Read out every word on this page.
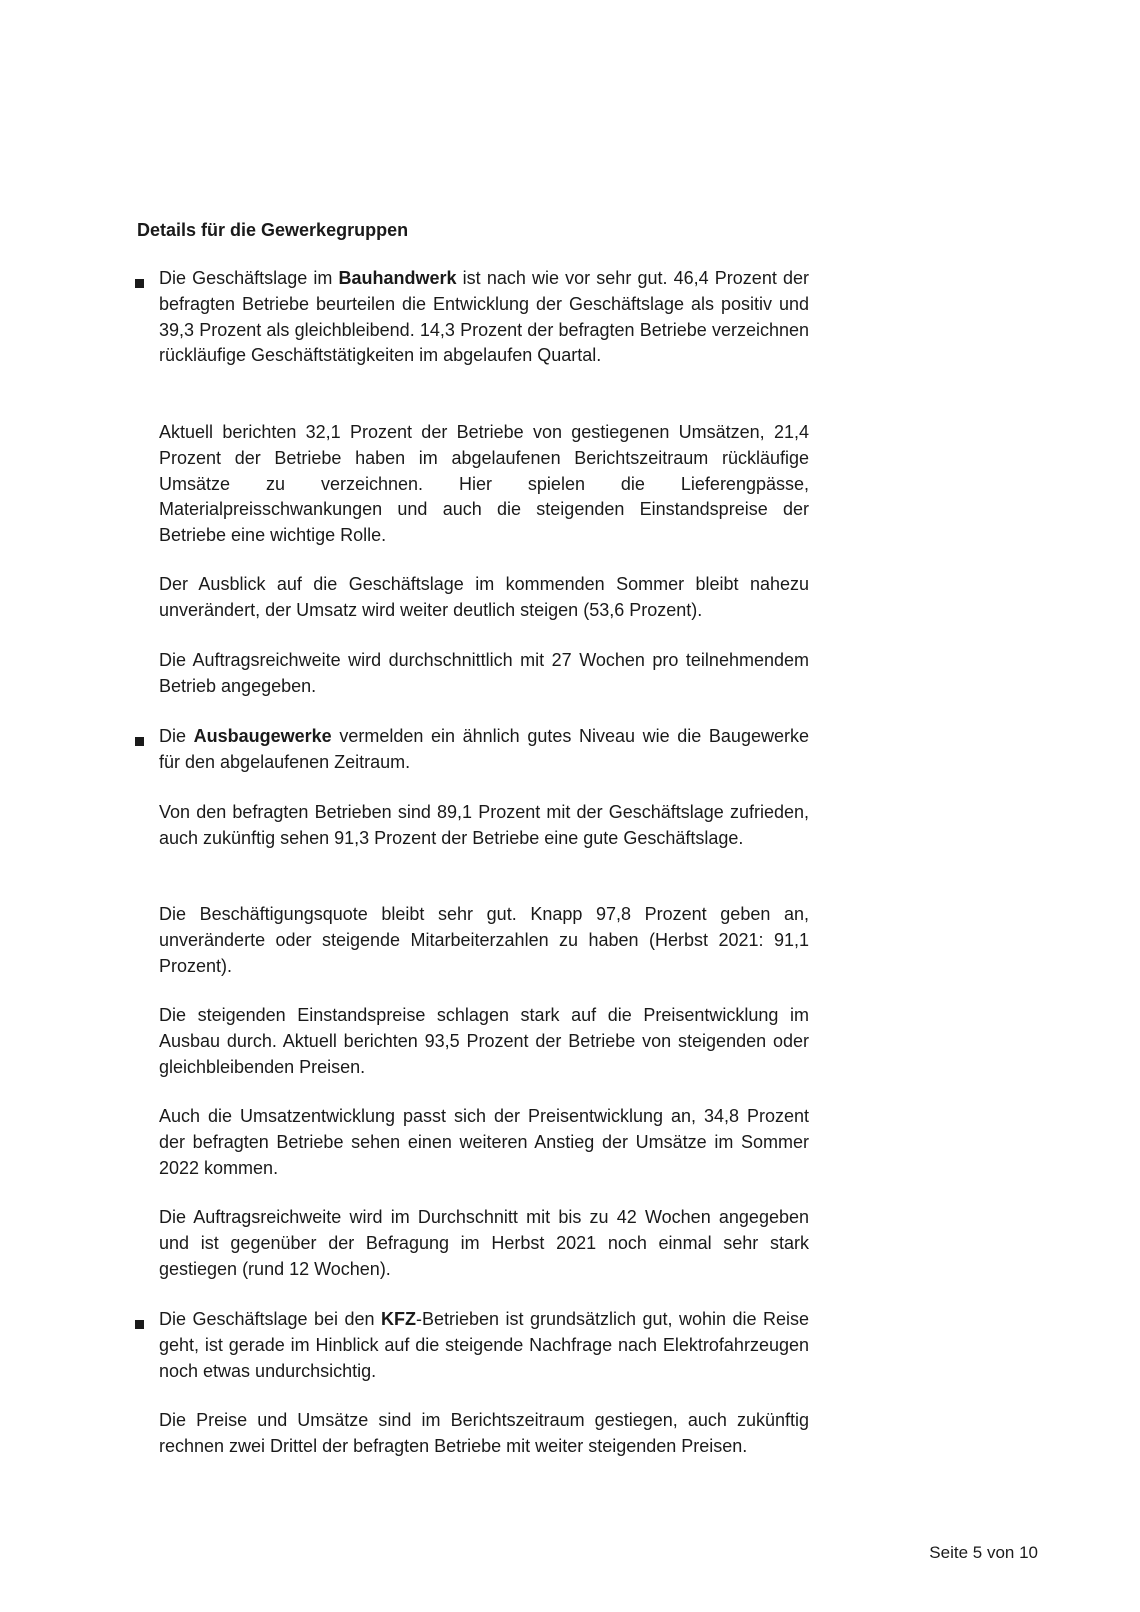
Details für die Gewerkegruppen

Die Geschäftslage im Bauhandwerk ist nach wie vor sehr gut. 46,4 Prozent der befragten Betriebe beurteilen die Entwicklung der Geschäftslage als positiv und 39,3 Prozent als gleichbleibend. 14,3 Prozent der befragten Betriebe verzeichnen rückläufige Geschäftstätigkeiten im abgelaufen Quartal.

Aktuell berichten 32,1 Prozent der Betriebe von gestiegenen Umsätzen, 21,4 Prozent der Betriebe haben im abgelaufenen Berichtszeitraum rückläufige Umsätze zu verzeichnen. Hier spielen die Lieferengpässe, Materialpreisschwankungen und auch die steigenden Einstandspreise der Betriebe eine wichtige Rolle.

Der Ausblick auf die Geschäftslage im kommenden Sommer bleibt nahezu unverändert, der Umsatz wird weiter deutlich steigen (53,6 Prozent).

Die Auftragsreichweite wird durchschnittlich mit 27 Wochen pro teilnehmendem Betrieb angegeben.

Die Ausbaugewerke vermelden ein ähnlich gutes Niveau wie die Baugewerke für den abgelaufenen Zeitraum.

Von den befragten Betrieben sind 89,1 Prozent mit der Geschäftslage zufrieden, auch zukünftig sehen 91,3 Prozent der Betriebe eine gute Geschäftslage.

Die Beschäftigungsquote bleibt sehr gut. Knapp 97,8 Prozent geben an, unveränderte oder steigende Mitarbeiterzahlen zu haben (Herbst 2021: 91,1 Prozent).

Die steigenden Einstandspreise schlagen stark auf die Preisentwicklung im Ausbau durch. Aktuell berichten 93,5 Prozent der Betriebe von steigenden oder gleichbleibenden Preisen.

Auch die Umsatzentwicklung passt sich der Preisentwicklung an, 34,8 Prozent der befragten Betriebe sehen einen weiteren Anstieg der Umsätze im Sommer 2022 kommen.

Die Auftragsreichweite wird im Durchschnitt mit bis zu 42 Wochen angegeben und ist gegenüber der Befragung im Herbst 2021 noch einmal sehr stark gestiegen (rund 12 Wochen).

Die Geschäftslage bei den KFZ-Betrieben ist grundsätzlich gut, wohin die Reise geht, ist gerade im Hinblick auf die steigende Nachfrage nach Elektrofahrzeugen noch etwas undurchsichtig.

Die Preise und Umsätze sind im Berichtszeitraum gestiegen, auch zukünftig rechnen zwei Drittel der befragten Betriebe mit weiter steigenden Preisen.

Seite 5 von 10
